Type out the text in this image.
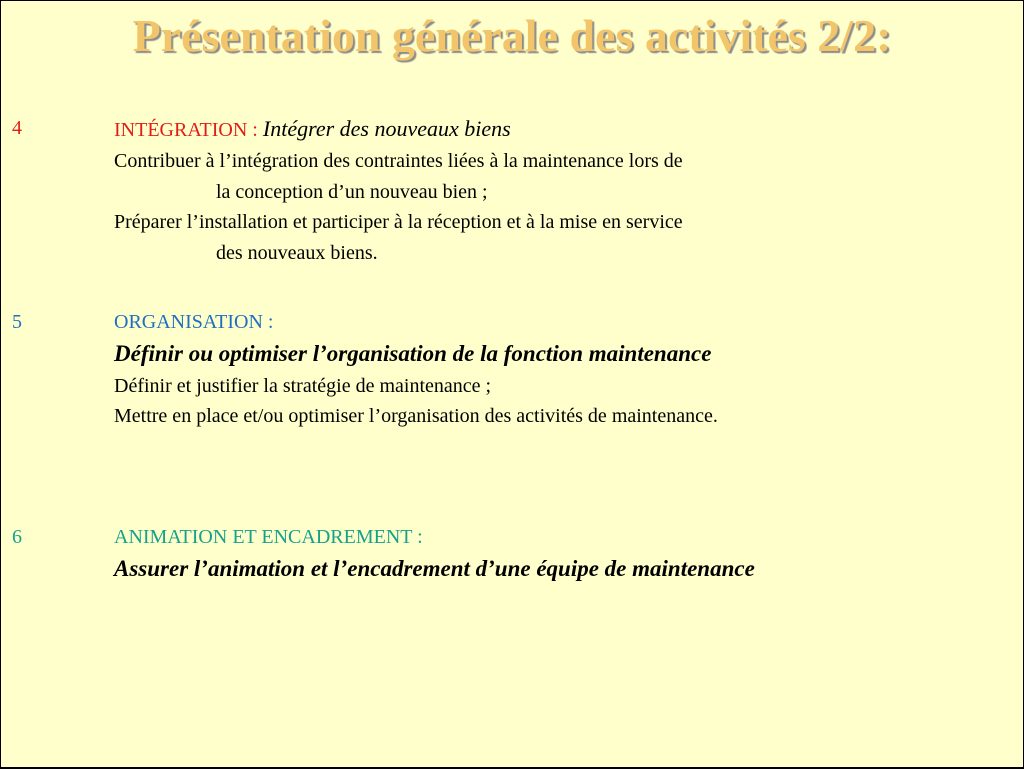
Présentation générale des activités 2/2:
4	INTÉGRATION : Intégrer des nouveaux biens
Contribuer à l’intégration des contraintes liées à la maintenance lors de
la conception d’un nouveau bien ;
Préparer l’installation et participer à la réception et à la mise en service
des nouveaux biens.
5	ORGANISATION :
Définir ou optimiser l’organisation de la fonction maintenance
Définir et justifier la stratégie de maintenance ;
Mettre en place et/ou optimiser l’organisation des activités de maintenance.
6	ANIMATION ET ENCADREMENT :
Assurer l’animation et l’encadrement d’une équipe de maintenance
